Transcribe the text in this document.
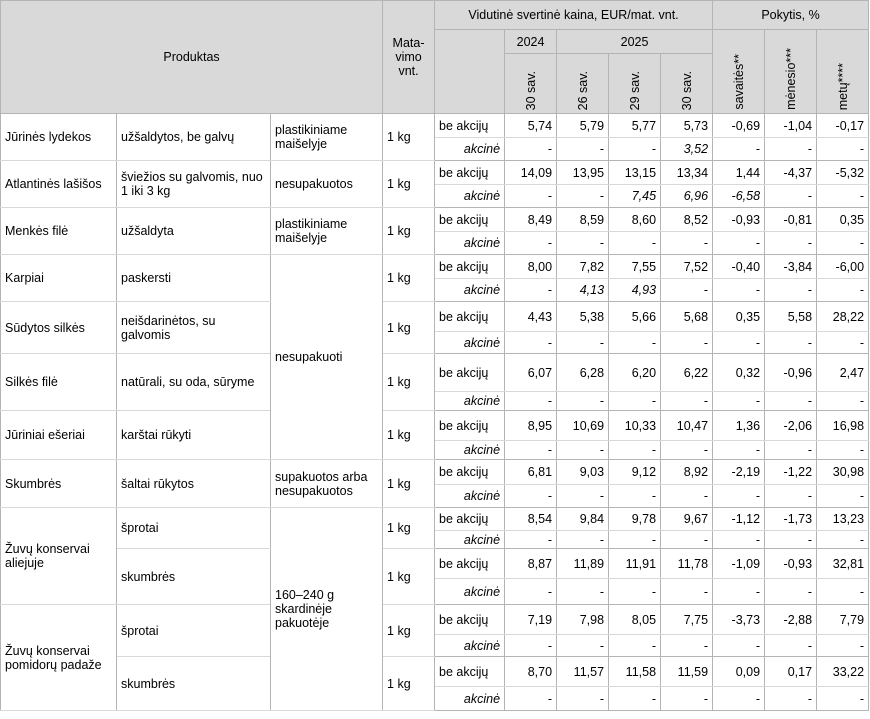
Produktas			Mata-vimo vnt.	Vidutinė svertinė kaina, EUR/mat. vnt.					Pokytis, %		
					2024	2025			savaitės**	mėnesio***	metų****
					30 sav.	26 sav.	29 sav.	30 sav.			
Jūrinės lydekos	užšaldytos, be galvų	plastikiniame maišelyje	1 kg	be akcijų	5,74	5,79	5,77	5,73	-0,69	-1,04	-0,17
				akcinė	-	-	-	3,52	-	-	-
Atlantinės lašišos	šviežios su galvomis, nuo 1 iki 3 kg	nesupakuotos	1 kg	be akcijų	14,09	13,95	13,15	13,34	1,44	-4,37	-5,32
				akcinė	-	-	7,45	6,96	-6,58	-	-
Menkės filė	užšaldyta	plastikiniame maišelyje	1 kg	be akcijų	8,49	8,59	8,60	8,52	-0,93	-0,81	0,35
				akcinė	-	-	-	-	-	-	-
Karpiai	paskersti	nesupakuoti	1 kg	be akcijų	8,00	7,82	7,55	7,52	-0,40	-3,84	-6,00
				akcinė	-	4,13	4,93	-	-	-	-
Sūdytos silkės	neišdarinėtos, su galvomis		1 kg	be akcijų	4,43	5,38	5,66	5,68	0,35	5,58	28,22
				akcinė	-	-	-	-	-	-	-
Silkės filė	natūrali, su oda, sūryme		1 kg	be akcijų	6,07	6,28	6,20	6,22	0,32	-0,96	2,47
				akcinė	-	-	-	-	-	-	-
Jūriniai ešeriai	karštai rūkyti		1 kg	be akcijų	8,95	10,69	10,33	10,47	1,36	-2,06	16,98
				akcinė	-	-	-	-	-	-	-
Skumbrės	šaltai rūkytos	supakuotos arba nesupakuotos	1 kg	be akcijų	6,81	9,03	9,12	8,92	-2,19	-1,22	30,98
				akcinė	-	-	-	-	-	-	-
Žuvų konservai aliejuje	šprotai	160–240 g skardinėje pakuotėje	1 kg	be akcijų	8,54	9,84	9,78	9,67	-1,12	-1,73	13,23
				akcinė	-	-	-	-	-	-	-
	skumbrės		1 kg	be akcijų	8,87	11,89	11,91	11,78	-1,09	-0,93	32,81
				akcinė	-	-	-	-	-	-	-
Žuvų konservai pomidorų padaže	šprotai		1 kg	be akcijų	7,19	7,98	8,05	7,75	-3,73	-2,88	7,79
				akcinė	-	-	-	-	-	-	-
	skumbrės		1 kg	be akcijų	8,70	11,57	11,58	11,59	0,09	0,17	33,22
				akcinė	-	-	-	-	-	-	-
